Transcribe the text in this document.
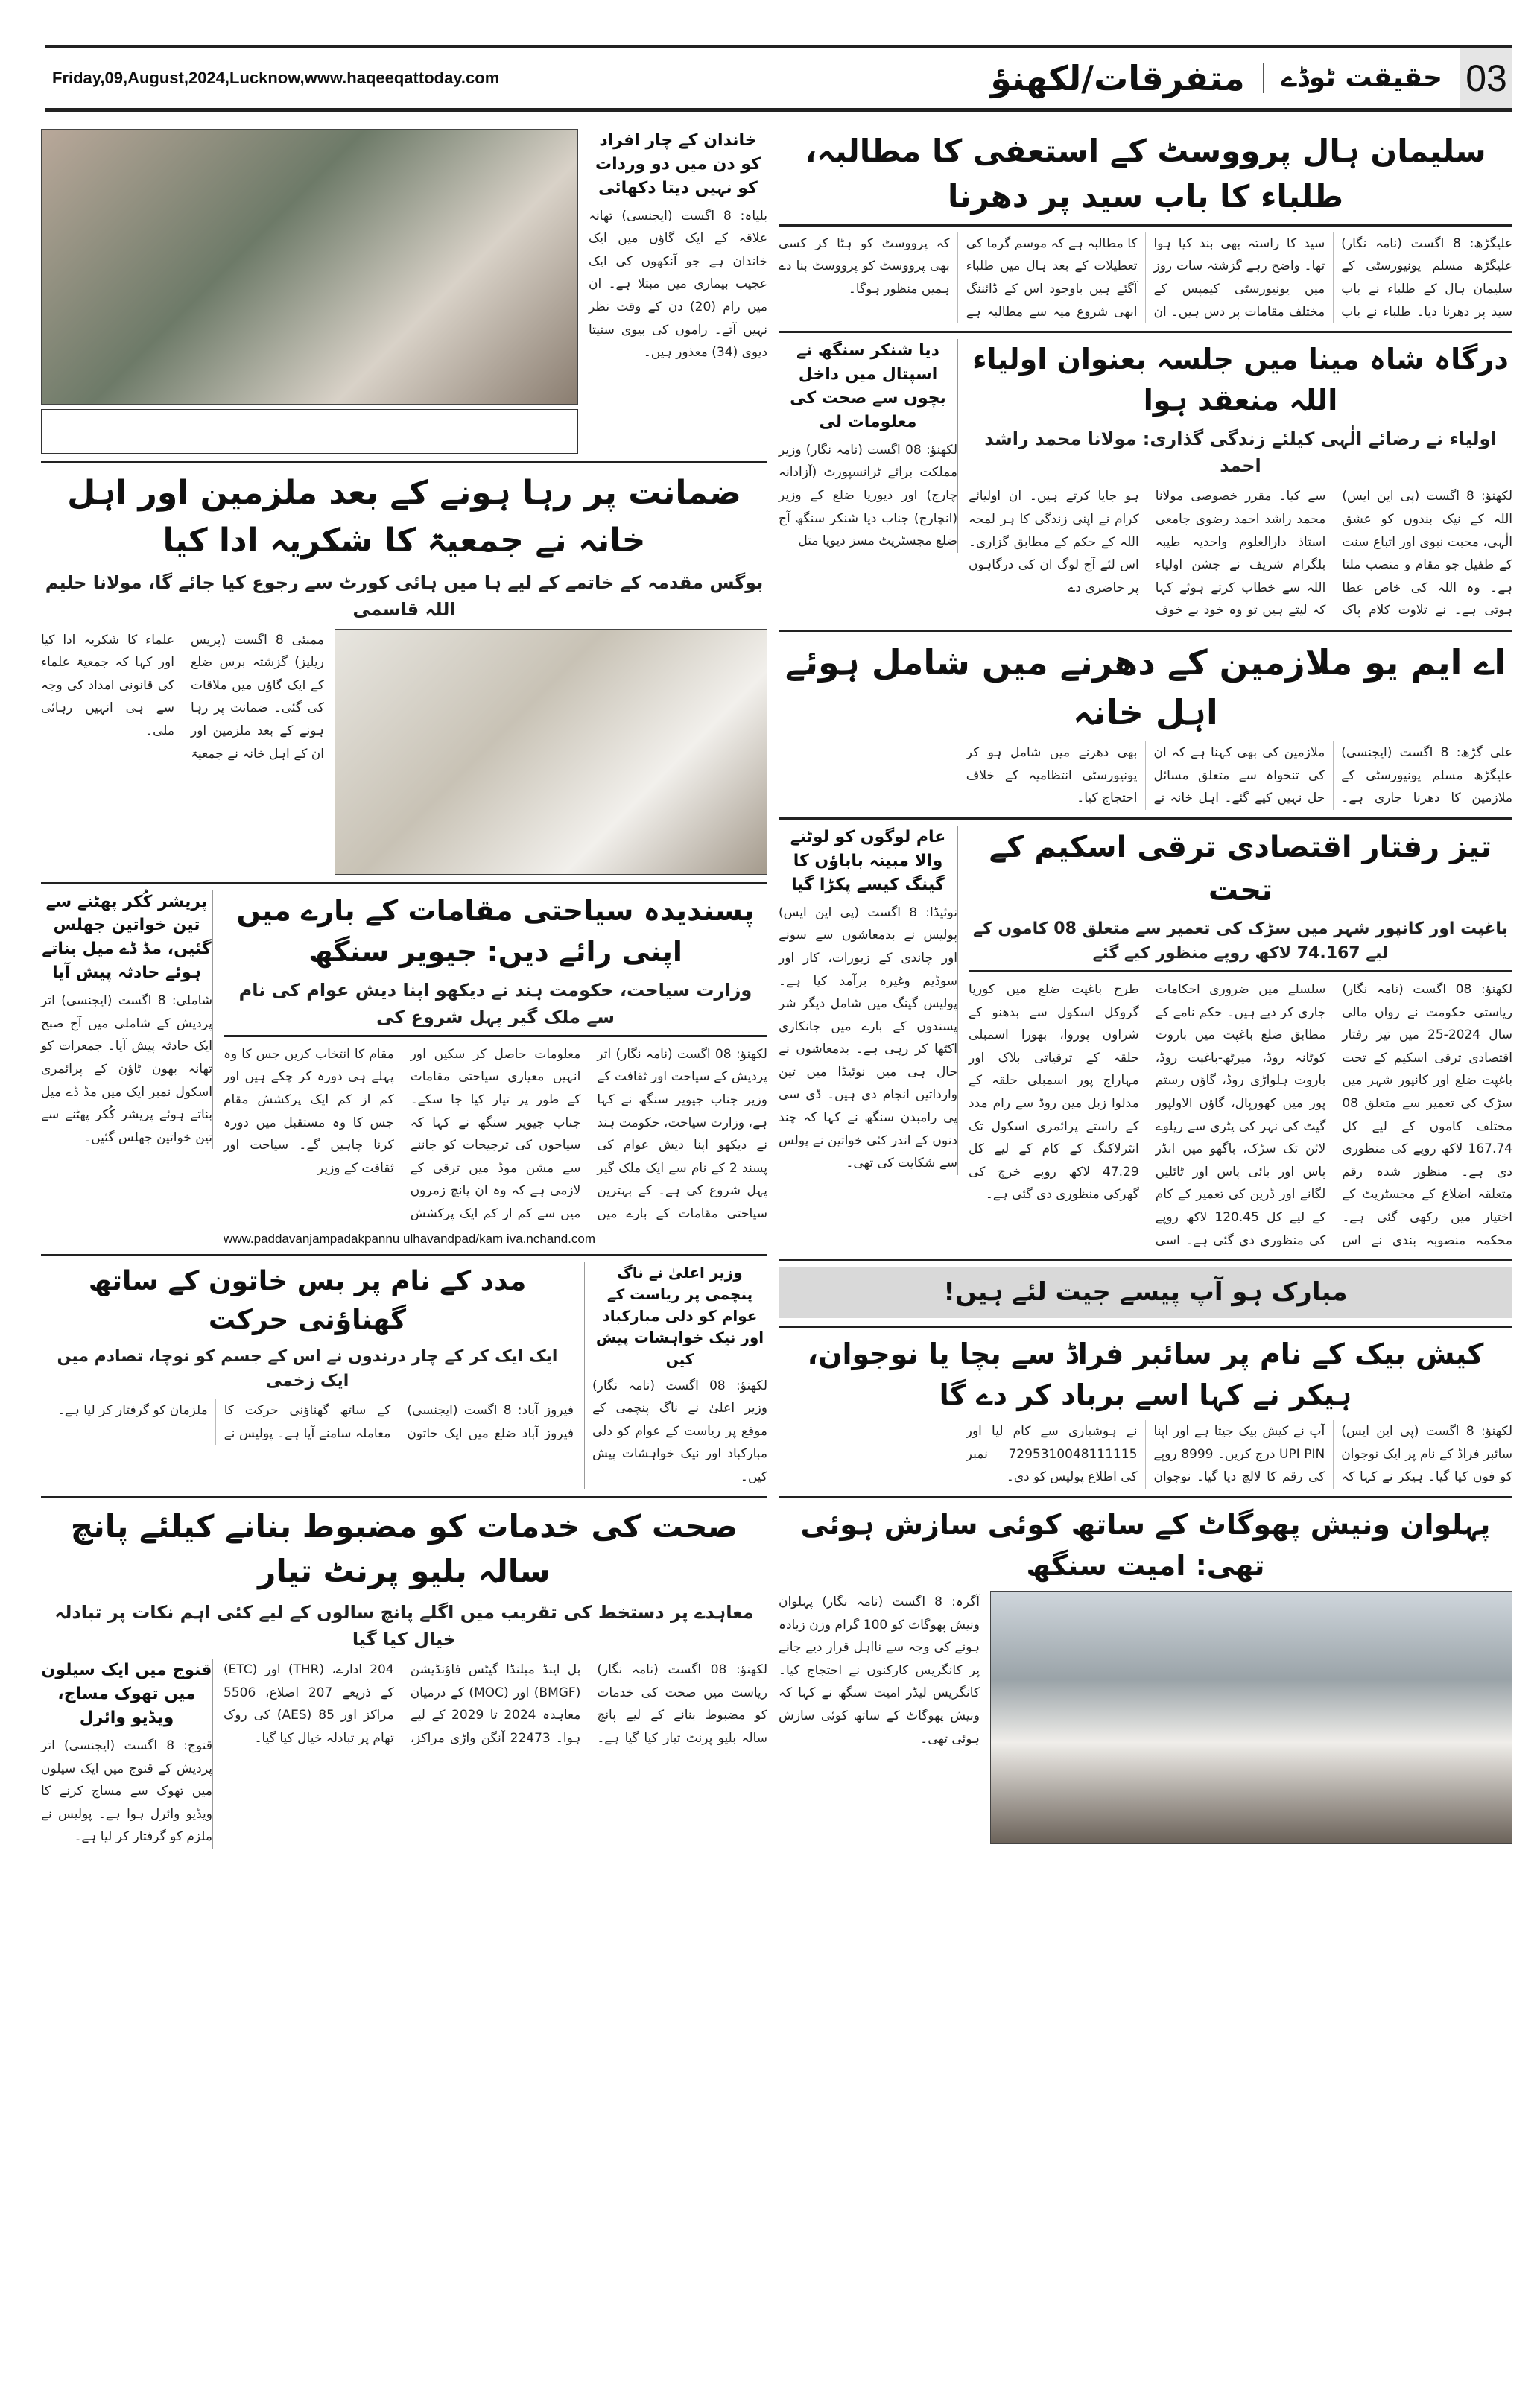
Friday,09,August,2024,Lucknow,www.haqeeqattoday.com	متفرقات/لکھنؤ	حقیقت ٹوڈے 03
سلیمان ہال پرووسٹ کے استعفی کا مطالبہ، طلباء کا باب سید پر دھرنا
علیگڑھ: 8 اگست (نامہ نگار) علیگڑھ مسلم یونیورسٹی کے سلیمان ہال کے طلباء نے باب سید پر دھرنا دیا۔ طلباء نے باب سید کا راستہ بھی بند کیا ہوا تھا۔ واضح رہے گزشتہ سات روز میں یونیورسٹی کیمپس کے مختلف مقامات پر دس ہیں۔ ان کا مطالبہ ہے کہ موسم گرما کی تعطیلات کے بعد ہال میں طلباء آگئے ہیں باوجود اس کے ڈائننگ ابھی شروع میہ سے مطالبہ ہے کہ پرووسٹ کو ہٹا کر کسی بھی پرووسٹ کو پرووسٹ بنا دے ہمیں منظور ہوگا۔
درگاہ شاہ مینا میں جلسہ بعنوان اولیاء اللہ منعقد ہوا
اولیاء نے رضائے الٰہی کیلئے زندگی گذاری: مولانا محمد راشد احمد
لکھنؤ: 8 اگست (پی این ایس) اللہ کے نیک بندوں کو عشق الٰہی، محبت نبوی اور اتباع سنت کے طفیل جو مقام و منصب ملتا ہے۔ وہ اللہ کی خاص عطا ہوتی ہے۔ نے تلاوت کلام پاک سے کیا۔ مقرر خصوصی مولانا محمد راشد احمد رضوی جامعی استاذ دارالعلوم واحدیہ طیبہ بلگرام شریف نے جشن اولیاء اللہ سے خطاب کرتے ہوئے کہا کہ لیتے ہیں تو وہ خود بے خوف ہو جایا کرتے ہیں۔ ان اولیائے کرام نے اپنی زندگی کا ہر لمحہ اللہ کے حکم کے مطابق گزاری۔ اس لئے آج لوگ ان کی درگاہوں پر حاضری دے
دیا شنکر سنگھ نے اسپتال میں داخل بچوں سے صحت کی معلومات لی
لکھنؤ: 08 اگست (نامہ نگار) وزیر مملکت برائے ٹرانسپورٹ (آزادانہ چارج) اور دیوریا ضلع کے وزیر (انچارج) جناب دیا شنکر سنگھ آج ضلع مجسٹریٹ مسز دیویا متل
اے ایم یو ملازمین کے دھرنے میں شامل ہوئے اہل خانہ
علی گڑھ: 8 اگست (ایجنسی) علیگڑھ مسلم یونیورسٹی کے ملازمین کا دھرنا جاری ہے۔ ملازمین کی بھی کہنا ہے کہ ان کی تنخواہ سے متعلق مسائل حل نہیں کیے گئے۔ اہل خانہ نے بھی دھرنے میں شامل ہو کر یونیورسٹی انتظامیہ کے خلاف احتجاج کیا۔
تیز رفتار اقتصادی ترقی اسکیم کے تحت
باغپت اور کانپور شہر میں سڑک کی تعمیر سے متعلق 08 کاموں کے لیے 74.167 لاکھ روپے منظور کیے گئے
لکھنؤ: 08 اگست (نامہ نگار) ریاستی حکومت نے رواں مالی سال 2024-25 میں تیز رفتار اقتصادی ترقی اسکیم کے تحت باغپت ضلع اور کانپور شہر میں سڑک کی تعمیر سے متعلق 08 مختلف کاموں کے لیے کل 167.74 لاکھ روپے کی منظوری دی ہے۔ منظور شدہ رقم متعلقہ اضلاع کے مجسٹریٹ کے اختیار میں رکھی گئی ہے۔ محکمہ منصوبہ بندی نے اس سلسلے میں ضروری احکامات جاری کر دیے ہیں۔ حکم نامے کے مطابق ضلع باغپت میں باروت کوٹانہ روڈ، میرٹھ-باغپت روڈ، باروت ہلواڑی روڈ، گاؤں رستم پور میں کھورپال، گاؤں الاولپور گیٹ کی نہر کی پٹری سے ریلوے لائن تک سڑک، باگھو میں انڈر پاس اور بائی پاس اور ٹائلیں لگانے اور ڈرین کی تعمیر کے کام کے لیے کل 120.45 لاکھ روپے کی منظوری دی گئی ہے۔ اسی طرح باغپت ضلع میں کوریا گروکل اسکول سے بدھنو کے شراون پوروا، بھورا اسمبلی حلقہ کے ترقیاتی بلاک اور مہاراج پور اسمبلی حلقہ کے مدلوا زبل مین روڈ سے رام مدد کے راستے پرائمری اسکول تک انٹرلاکنگ کے کام کے لیے کل 47.29 لاکھ روپے خرچ کی گھرکی منظوری دی گئی ہے۔
عام لوگوں کو لوٹنے والا مبینہ باباؤں کا گینگ کیسے پکڑا گیا
نوئیڈا: 8 اگست (پی این ایس) پولیس نے بدمعاشوں سے سونے اور چاندی کے زیورات، کار اور سوڈیم وغیرہ برآمد کیا ہے۔ پولیس گینگ میں شامل دیگر شر پسندوں کے بارے میں جانکاری اکٹھا کر رہی ہے۔ بدمعاشوں نے حال ہی میں نوئیڈا میں تین وارداتیں انجام دی ہیں۔ ڈی سی پی رامبدن سنگھ نے کہا کہ چند دنوں کے اندر کئی خواتین نے پولس سے شکایت کی تھی۔
مبارک ہو آپ پیسے جیت لئے ہیں!
کیش بیک کے نام پر سائبر فراڈ سے بچا یا نوجوان، ہیکر نے کہا اسے برباد کر دے گا
لکھنؤ: 8 اگست (پی این ایس) سائبر فراڈ کے نام پر ایک نوجوان کو فون کیا گیا۔ ہیکر نے کہا کہ آپ نے کیش بیک جیتا ہے اور اپنا UPI PIN درج کریں۔ 8999 روپے کی رقم کا لالچ دیا گیا۔ نوجوان نے ہوشیاری سے کام لیا اور 7295310048111115 نمبر کی اطلاع پولیس کو دی۔
پہلوان ونیش پھوگاٹ کے ساتھ کوئی سازش ہوئی تھی: امیت سنگھ
آگرہ: 8 اگست (نامہ نگار) پہلوان ونیش پھوگاٹ کو 100 گرام وزن زیادہ ہونے کی وجہ سے نااہل قرار دیے جانے پر کانگریس کارکنوں نے احتجاج کیا۔ کانگریس لیڈر امیت سنگھ نے کہا کہ ونیش پھوگاٹ کے ساتھ کوئی سازش ہوئی تھی۔
خاندان کے چار افراد کو دن میں دو وردات کو نہیں دیتا دکھائی
بلیاہ: 8 اگست (ایجنسی) تھانہ علاقہ کے ایک گاؤں میں ایک خاندان ہے جو آنکھوں کی ایک عجیب بیماری میں مبتلا ہے۔ ان میں رام (20) دن کے وقت نظر نہیں آتے۔ راموں کی بیوی سنیتا دیوی (34) معذور ہیں۔
ضمانت پر رہا ہونے کے بعد ملزمین اور اہل خانہ نے جمعیۃ کا شکریہ ادا کیا
بوگس مقدمہ کے خاتمے کے لیے ہا میں ہائی کورٹ سے رجوع کیا جائے گا، مولانا حلیم اللہ قاسمی
ممبئی 8 اگست (پریس ریلیز) گزشتہ برس ضلع کے ایک گاؤں میں ملاقات کی گئی۔ ضمانت پر رہا ہونے کے بعد ملزمین اور ان کے اہل خانہ نے جمعیۃ علماء کا شکریہ ادا کیا اور کہا کہ جمعیۃ علماء کی قانونی امداد کی وجہ سے ہی انہیں رہائی ملی۔
پسندیدہ سیاحتی مقامات کے بارے میں اپنی رائے دیں: جیویر سنگھ
وزارت سیاحت، حکومت ہند نے دیکھو اپنا دیش عوام کی نام سے ملک گیر پہل شروع کی
لکھنؤ: 08 اگست (نامہ نگار) اتر پردیش کے سیاحت اور ثقافت کے وزیر جناب جیویر سنگھ نے کہا ہے، وزارت سیاحت، حکومت ہند نے دیکھو اپنا دیش عوام کی پسند 2 کے نام سے ایک ملک گیر پہل شروع کی ہے۔ کے بہترین سیاحتی مقامات کے بارے میں معلومات حاصل کر سکیں اور انہیں معیاری سیاحتی مقامات کے طور پر تیار کیا جا سکے۔ جناب جیویر سنگھ نے کہا کہ سیاحوں کی ترجیحات کو جاننے سے مشن موڈ میں ترقی کے لازمی ہے کہ وہ ان پانچ زمروں میں سے کم از کم ایک پرکشش مقام کا انتخاب کریں جس کا وہ پہلے ہی دورہ کر چکے ہیں اور کم از کم ایک پرکشش مقام جس کا وہ مستقبل میں دورہ کرنا چاہیں گے۔ سیاحت اور ثقافت کے وزیر
www.paddavanjampadakpannu ulhavandpad/kam iva.nchand.com
پریشر کُکر پھٹنے سے تین خواتین جھلس گئیں، مڈ ڈے میل بناتے ہوئے حادثہ پیش آیا
شاملی: 8 اگست (ایجنسی) اتر پردیش کے شاملی میں آج صبح ایک حادثہ پیش آیا۔ جمعرات کو تھانہ بھون ٹاؤن کے پرائمری اسکول نمبر ایک میں مڈ ڈے میل بناتے ہوئے پریشر کُکر پھٹنے سے تین خواتین جھلس گئیں۔
مدد کے نام پر بس خاتون کے ساتھ گھناؤنی حرکت
ایک ایک کر کے چار درندوں نے اس کے جسم کو نوچا، تصادم میں ایک زخمی
فیروز آباد: 8 اگست (ایجنسی) فیروز آباد ضلع میں ایک خاتون کے ساتھ گھناؤنی حرکت کا معاملہ سامنے آیا ہے۔ پولیس نے ملزمان کو گرفتار کر لیا ہے۔
وزیر اعلیٰ نے ناگ پنچمی پر ریاست کے عوام کو دلی مبارکباد اور نیک خواہشات پیش کیں
لکھنؤ: 08 اگست (نامہ نگار) وزیر اعلیٰ نے ناگ پنچمی کے موقع پر ریاست کے عوام کو دلی مبارکباد اور نیک خواہشات پیش کیں۔
صحت کی خدمات کو مضبوط بنانے کیلئے پانچ سالہ بلیو پرنٹ تیار
معاہدے پر دستخط کی تقریب میں اگلے پانچ سالوں کے لیے کئی اہم نکات پر تبادلہ خیال کیا گیا
لکھنؤ: 08 اگست (نامہ نگار) ریاست میں صحت کی خدمات کو مضبوط بنانے کے لیے پانچ سالہ بلیو پرنٹ تیار کیا گیا ہے۔ بل اینڈ میلنڈا گیٹس فاؤنڈیشن (BMGF) اور (MOC) کے درمیان معاہدہ 2024 تا 2029 کے لیے ہوا۔ 22473 آنگن واڑی مراکز، 204 ادارے، (THR) اور (ETC) کے ذریعے 207 اضلاع، 5506 مراکز اور 85 (AES) کی روک تھام پر تبادلہ خیال کیا گیا۔
قنوج میں ایک سیلون میں تھوک مساج، ویڈیو وائرل
قنوج: 8 اگست (ایجنسی) اتر پردیش کے قنوج میں ایک سیلون میں تھوک سے مساج کرنے کا ویڈیو وائرل ہوا ہے۔ پولیس نے ملزم کو گرفتار کر لیا ہے۔
